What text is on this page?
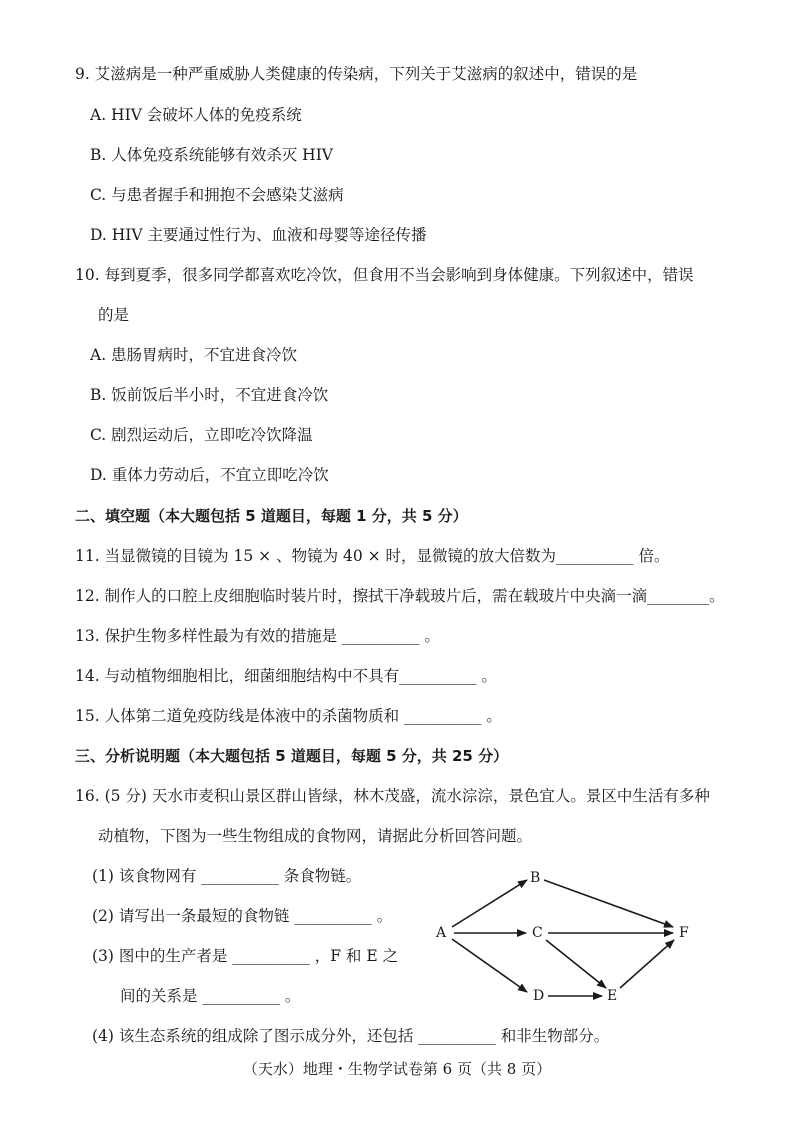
9. 艾滋病是一种严重威胁人类健康的传染病，下列关于艾滋病的叙述中，错误的是
A. HIV 会破坏人体的免疫系统
B. 人体免疫系统能够有效杀灭 HIV
C. 与患者握手和拥抱不会感染艾滋病
D. HIV 主要通过性行为、血液和母婴等途径传播
10. 每到夏季，很多同学都喜欢吃冷饮，但食用不当会影响到身体健康。下列叙述中，错误
的是
A. 患肠胃病时，不宜进食冷饮
B. 饭前饭后半小时，不宜进食冷饮
C. 剧烈运动后，立即吃冷饮降温
D. 重体力劳动后，不宜立即吃冷饮
二、填空题（本大题包括 5 道题目，每题 1 分，共 5 分）
11. 当显微镜的目镜为 15 × 、物镜为 40 × 时，显微镜的放大倍数为__________ 倍。
12. 制作人的口腔上皮细胞临时装片时，擦拭干净载玻片后，需在载玻片中央滴一滴________。
13. 保护生物多样性最为有效的措施是 __________ 。
14. 与动植物细胞相比，细菌细胞结构中不具有__________ 。
15. 人体第二道免疫防线是体液中的杀菌物质和 __________ 。
三、分析说明题（本大题包括 5 道题目，每题 5 分，共 25 分）
16. (5 分) 天水市麦积山景区群山皆绿，林木茂盛，流水淙淙，景色宜人。景区中生活有多种
动植物，下图为一些生物组成的食物网，请据此分析回答问题。
(1) 该食物网有 __________ 条食物链。
(2) 请写出一条最短的食物链 __________ 。
(3) 图中的生产者是 __________ ，F 和 E 之
间的关系是 __________ 。
(4) 该生态系统的组成除了图示成分外，还包括 __________ 和非生物部分。
A
B
C
D	E
F
（天水）地理・生物学试卷第 6 页（共 8 页）
